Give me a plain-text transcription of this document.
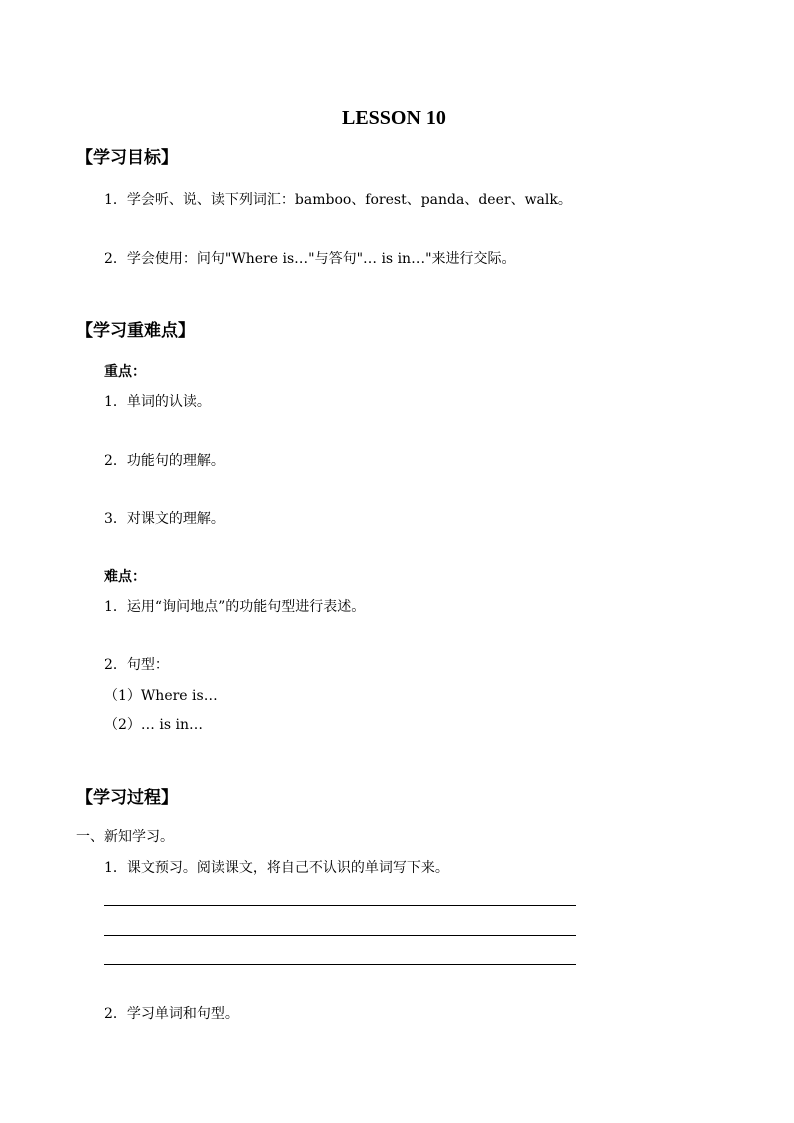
LESSON 10
【学习目标】
1．学会听、说、读下列词汇：bamboo、forest、panda、deer、walk。
2．学会使用：问句"Where is…"与答句"… is in…"来进行交际。
【学习重难点】
重点：
1．单词的认读。
2．功能句的理解。
3．对课文的理解。
难点：
1．运用“询问地点”的功能句型进行表述。
2．句型：
（1）Where is…
（2）… is in…
【学习过程】
一、新知学习。
1．课文预习。阅读课文，将自己不认识的单词写下来。
2．学习单词和句型。
